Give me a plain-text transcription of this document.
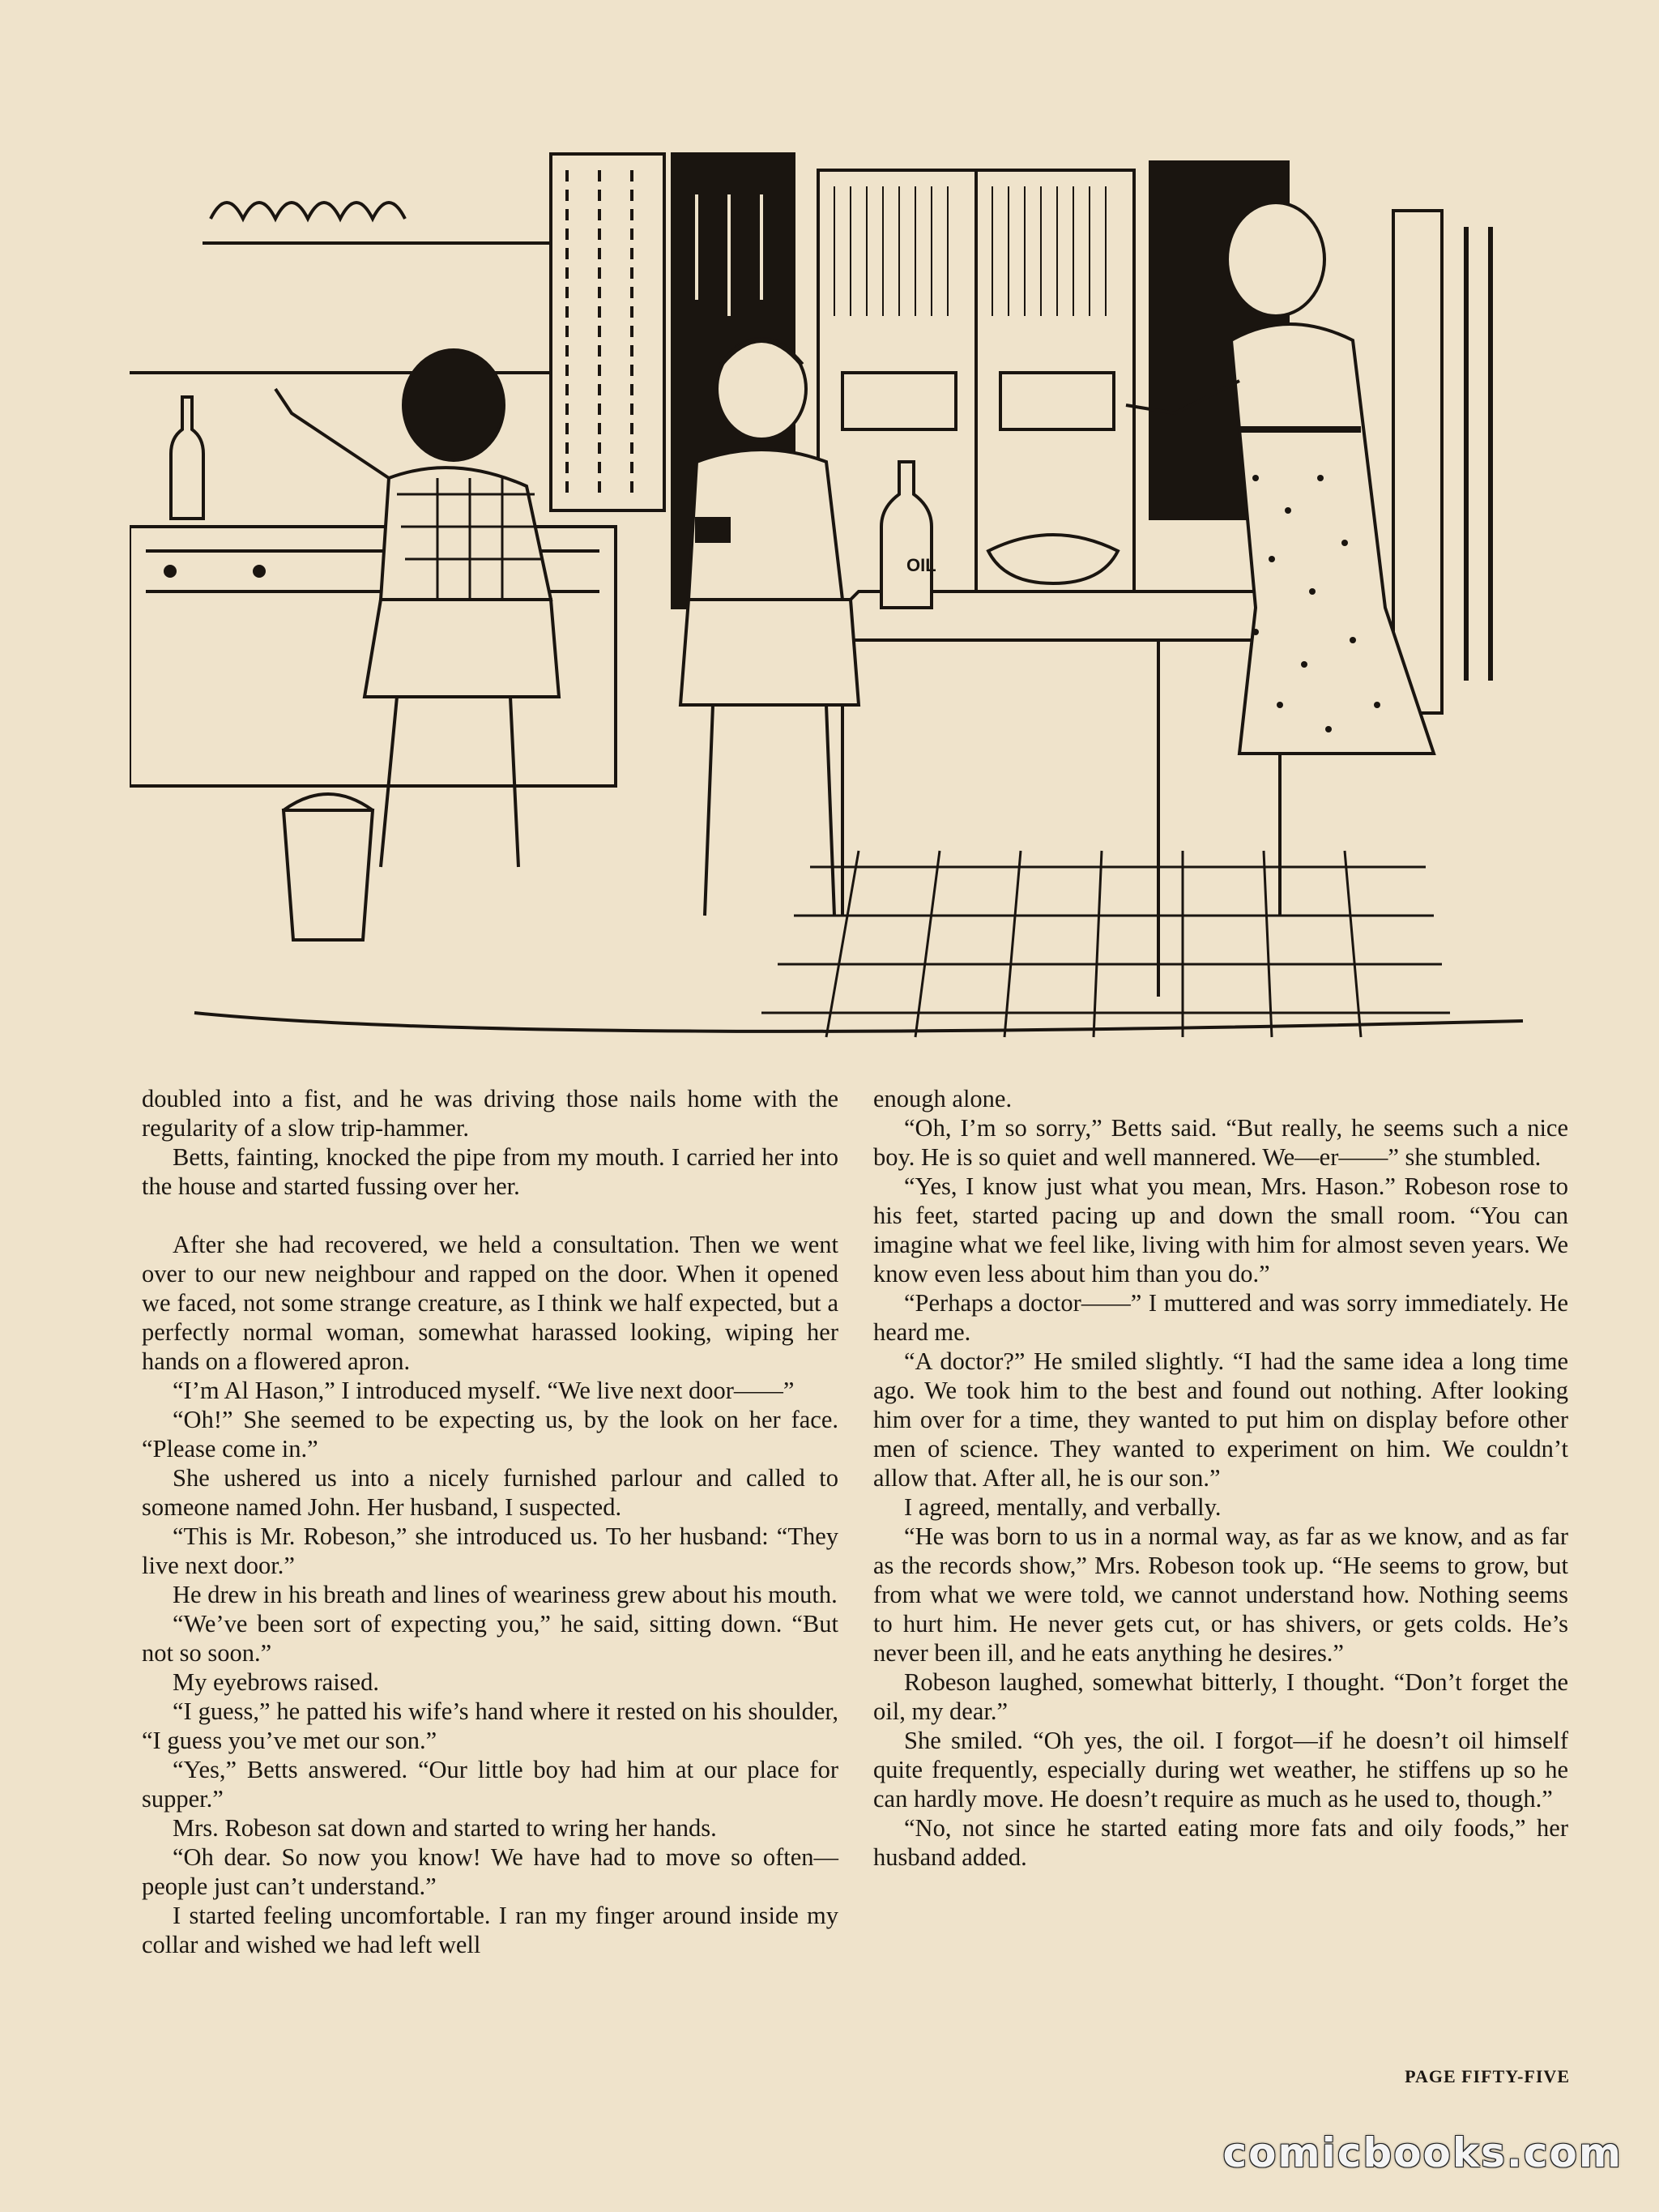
OIL

doubled into a fist, and he was driving those nails home with the regularity of a slow trip-hammer.

Betts, fainting, knocked the pipe from my mouth. I carried her into the house and started fussing over her.

After she had recovered, we held a consultation. Then we went over to our new neighbour and rapped on the door. When it opened we faced, not some strange creature, as I think we half expected, but a perfectly normal woman, somewhat harassed looking, wiping her hands on a flowered apron.

“I’m Al Hason,” I introduced myself. “We live next door——”

“Oh!” She seemed to be expecting us, by the look on her face. “Please come in.”

She ushered us into a nicely furnished parlour and called to someone named John. Her husband, I suspected.

“This is Mr. Robeson,” she introduced us. To her husband: “They live next door.”

He drew in his breath and lines of weariness grew about his mouth.

“We’ve been sort of expecting you,” he said, sitting down. “But not so soon.”

My eyebrows raised.

“I guess,” he patted his wife’s hand where it rested on his shoulder, “I guess you’ve met our son.”

“Yes,” Betts answered. “Our little boy had him at our place for supper.”

Mrs. Robeson sat down and started to wring her hands.

“Oh dear. So now you know! We have had to move so often—people just can’t understand.”

I started feeling uncomfortable. I ran my finger around inside my collar and wished we had left well

enough alone.

“Oh, I’m so sorry,” Betts said. “But really, he seems such a nice boy. He is so quiet and well mannered. We—er——” she stumbled.

“Yes, I know just what you mean, Mrs. Hason.” Robeson rose to his feet, started pacing up and down the small room. “You can imagine what we feel like, living with him for almost seven years. We know even less about him than you do.”

“Perhaps a doctor——” I muttered and was sorry immediately. He heard me.

“A doctor?” He smiled slightly. “I had the same idea a long time ago. We took him to the best and found out nothing. After looking him over for a time, they wanted to put him on display before other men of science. They wanted to experiment on him. We couldn’t allow that. After all, he is our son.”

I agreed, mentally, and verbally.

“He was born to us in a normal way, as far as we know, and as far as the records show,” Mrs. Robeson took up. “He seems to grow, but from what we were told, we cannot understand how. Nothing seems to hurt him. He never gets cut, or has shivers, or gets colds. He’s never been ill, and he eats anything he desires.”

Robeson laughed, somewhat bitterly, I thought. “Don’t forget the oil, my dear.”

She smiled. “Oh yes, the oil. I forgot—if he doesn’t oil himself quite frequently, especially during wet weather, he stiffens up so he can hardly move. He doesn’t require as much as he used to, though.”

“No, not since he started eating more fats and oily foods,” her husband added.

PAGE FIFTY-FIVE
comicbooks.com
